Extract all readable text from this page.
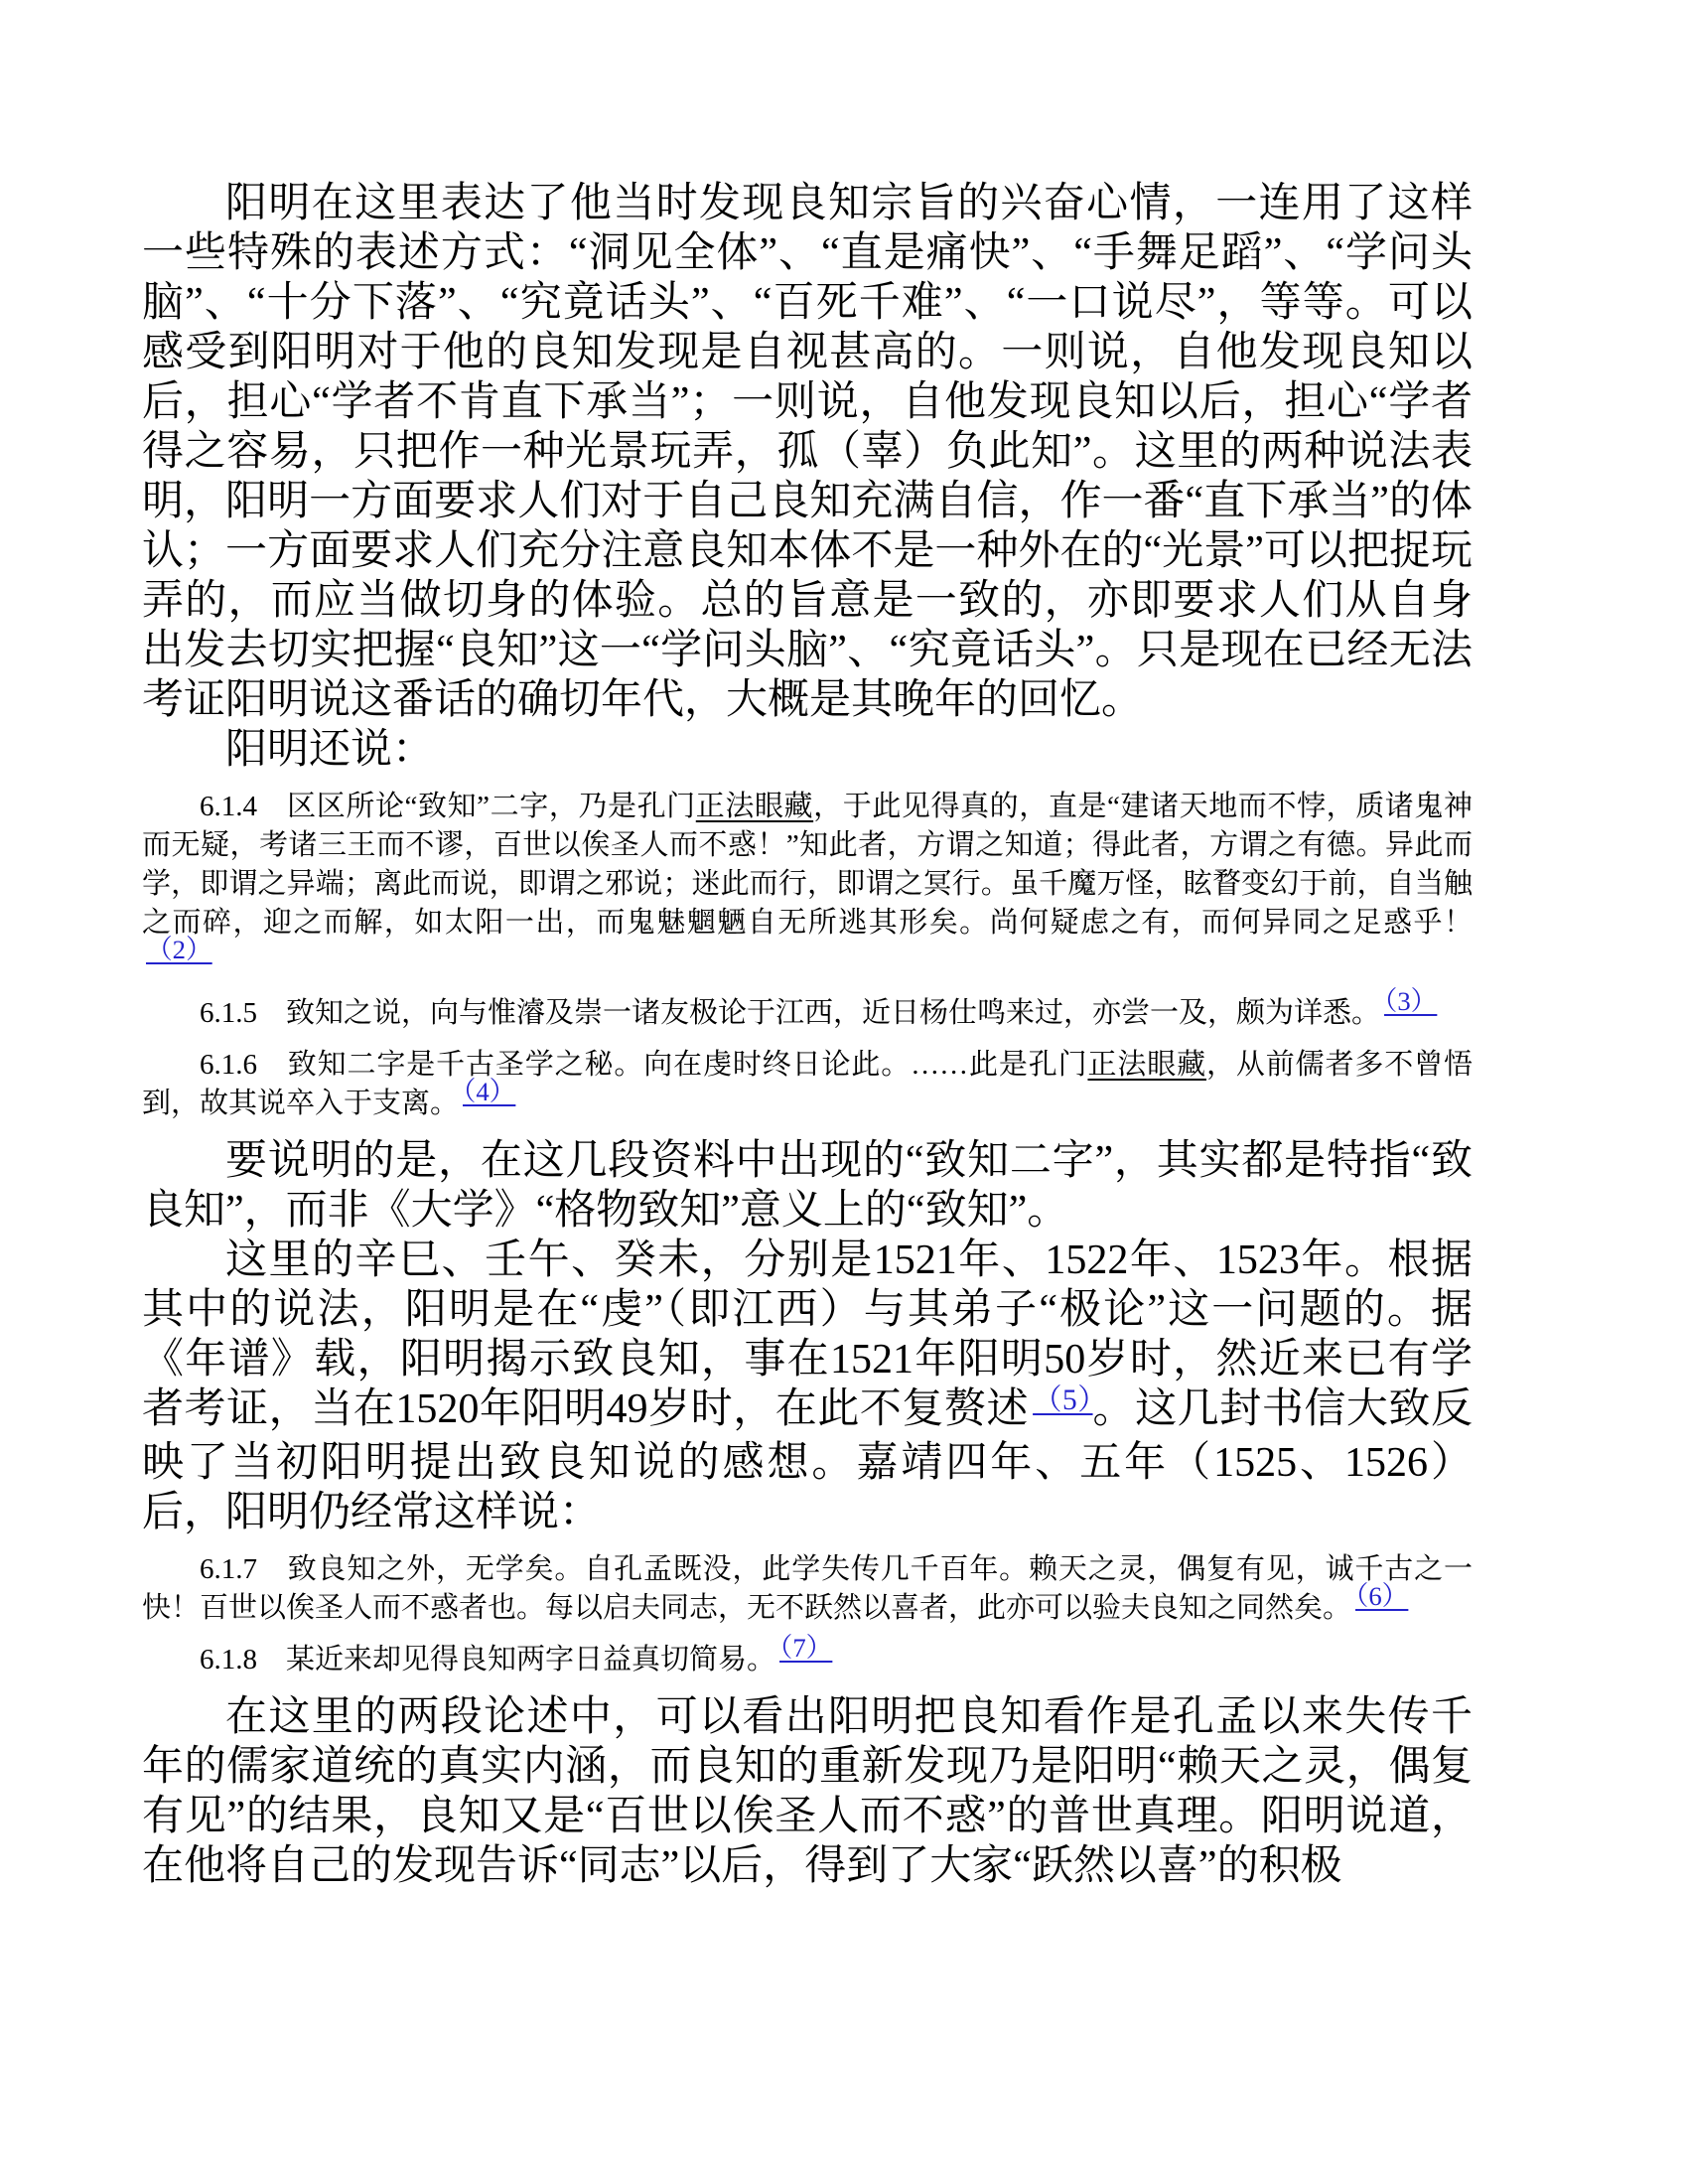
阳明在这里表达了他当时发现良知宗旨的兴奋心情，一连用了这样一些特殊的表述方式：“洞见全体”、“直是痛快”、“手舞足蹈”、“学问头脑”、“十分下落”、“究竟话头”、“百死千难”、“一口说尽”，等等。可以感受到阳明对于他的良知发现是自视甚高的。一则说，自他发现良知以后，担心“学者不肯直下承当”；一则说，自他发现良知以后，担心“学者得之容易，只把作一种光景玩弄，孤（辜）负此知”。这里的两种说法表明，阳明一方面要求人们对于自己良知充满自信，作一番“直下承当”的体认；一方面要求人们充分注意良知本体不是一种外在的“光景”可以把捉玩弄的，而应当做切身的体验。总的旨意是一致的，亦即要求人们从自身出发去切实把握“良知”这一“学问头脑”、“究竟话头”。只是现在已经无法考证阳明说这番话的确切年代，大概是其晚年的回忆。

阳明还说：

6.1.4　区区所论“致知”二字，乃是孔门正法眼藏，于此见得真的，直是“建诸天地而不悖，质诸鬼神而无疑，考诸三王而不谬，百世以俟圣人而不惑！”知此者，方谓之知道；得此者，方谓之有德。异此而学，即谓之异端；离此而说，即谓之邪说；迷此而行，即谓之冥行。虽千魔万怪，眩瞀变幻于前，自当触之而碎，迎之而解，如太阳一出，而鬼魅魍魉自无所逃其形矣。尚何疑虑之有，而何异同之足惑乎！（2）

6.1.5　致知之说，向与惟濬及崇一诸友极论于江西，近日杨仕鸣来过，亦尝一及，颇为详悉。 （3）

6.1.6　致知二字是千古圣学之秘。向在虔时终日论此。……此是孔门正法眼藏，从前儒者多不曾悟到，故其说卒入于支离。 （4）

要说明的是，在这几段资料中出现的“致知二字”，其实都是特指“致良知”，而非《大学》“格物致知”意义上的“致知”。

这里的辛巳、壬午、癸未，分别是1521年、1522年、1523年。根据其中的说法，阳明是在“虔”（即江西）与其弟子“极论”这一问题的。据《年谱》载，阳明揭示致良知，事在1521年阳明50岁时，然近来已有学者考证，当在1520年阳明49岁时，在此不复赘述 $^{(5)}$。这几封书信大致反映了当初阳明提出致良知说的感想。嘉靖四年、五年（1525、1526）后，阳明仍经常这样说：

6.1.7　致良知之外，无学矣。自孔孟既没，此学失传几千百年。赖天之灵，偶复有见，诚千古之一快！百世以俟圣人而不惑者也。每以启夫同志，无不跃然以喜者，此亦可以验夫良知之同然矣。 （6）

6.1.8　某近来却见得良知两字日益真切简易。 （7）

在这里的两段论述中，可以看出阳明把良知看作是孔孟以来失传千年的儒家道统的真实内涵，而良知的重新发现乃是阳明“赖天之灵，偶复有见”的结果，良知又是“百世以俟圣人而不惑”的普世真理。阳明说道，在他将自己的发现告诉“同志”以后，得到了大家“跃然以喜”的积极
